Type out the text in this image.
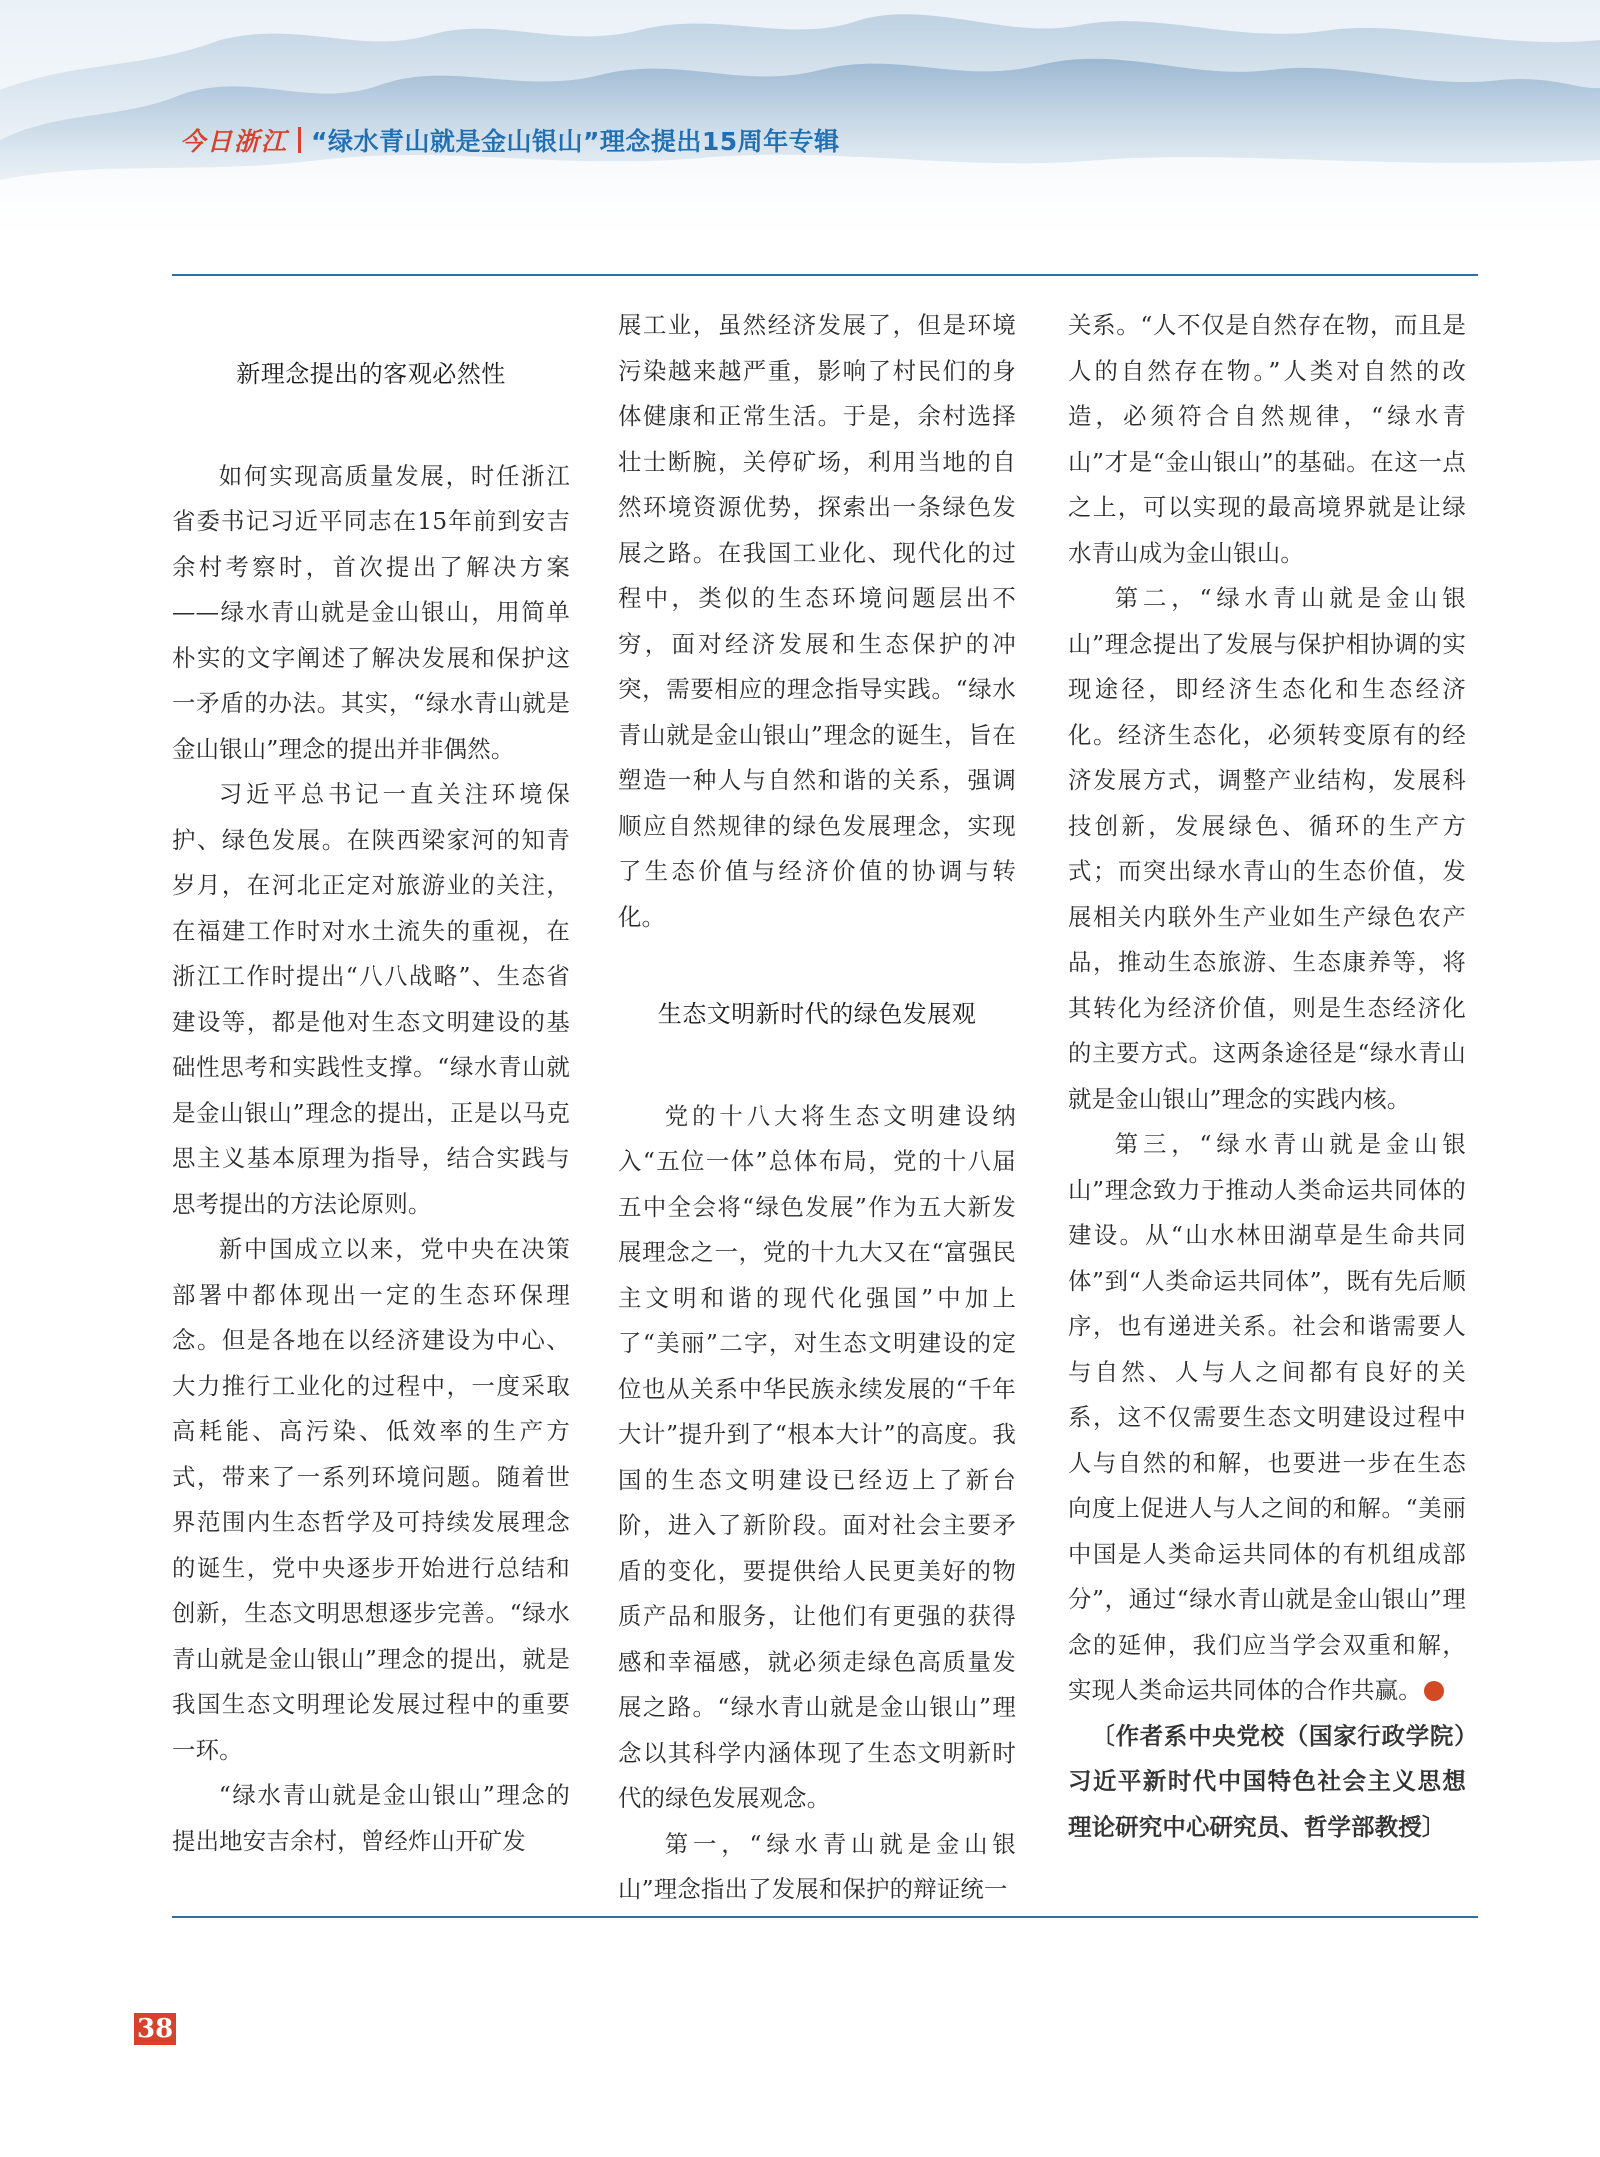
今日浙江 “绿水青山就是金山银山”理念提出15周年专辑
新理念提出的客观必然性

如何实现高质量发展，时任浙江省委书记习近平同志在15年前到安吉余村考察时，首次提出了解决方案——绿水青山就是金山银山，用简单朴实的文字阐述了解决发展和保护这一矛盾的办法。其实，“绿水青山就是金山银山”理念的提出并非偶然。

习近平总书记一直关注环境保护、绿色发展。在陕西梁家河的知青岁月，在河北正定对旅游业的关注，在福建工作时对水土流失的重视，在浙江工作时提出“八八战略”、生态省建设等，都是他对生态文明建设的基础性思考和实践性支撑。“绿水青山就是金山银山”理念的提出，正是以马克思主义基本原理为指导，结合实践与思考提出的方法论原则。

新中国成立以来，党中央在决策部署中都体现出一定的生态环保理念。但是各地在以经济建设为中心、大力推行工业化的过程中，一度采取高耗能、高污染、低效率的生产方式，带来了一系列环境问题。随着世界范围内生态哲学及可持续发展理念的诞生，党中央逐步开始进行总结和创新，生态文明思想逐步完善。“绿水青山就是金山银山”理念的提出，就是我国生态文明理论发展过程中的重要一环。

“绿水青山就是金山银山”理念的提出地安吉余村，曾经炸山开矿发

展工业，虽然经济发展了，但是环境污染越来越严重，影响了村民们的身体健康和正常生活。于是，余村选择壮士断腕，关停矿场，利用当地的自然环境资源优势，探索出一条绿色发展之路。在我国工业化、现代化的过程中，类似的生态环境问题层出不穷，面对经济发展和生态保护的冲突，需要相应的理念指导实践。“绿水青山就是金山银山”理念的诞生，旨在塑造一种人与自然和谐的关系，强调顺应自然规律的绿色发展理念，实现了生态价值与经济价值的协调与转化。

生态文明新时代的绿色发展观

党的十八大将生态文明建设纳入“五位一体”总体布局，党的十八届五中全会将“绿色发展”作为五大新发展理念之一，党的十九大又在“富强民主文明和谐的现代化强国”中加上了“美丽”二字，对生态文明建设的定位也从关系中华民族永续发展的“千年大计”提升到了“根本大计”的高度。我国的生态文明建设已经迈上了新台阶，进入了新阶段。面对社会主要矛盾的变化，要提供给人民更美好的物质产品和服务，让他们有更强的获得感和幸福感，就必须走绿色高质量发展之路。“绿水青山就是金山银山”理念以其科学内涵体现了生态文明新时代的绿色发展观念。

第一，“绿水青山就是金山银山”理念指出了发展和保护的辩证统一

关系。“人不仅是自然存在物，而且是人的自然存在物。”人类对自然的改造，必须符合自然规律，“绿水青山”才是“金山银山”的基础。在这一点之上，可以实现的最高境界就是让绿水青山成为金山银山。

第二，“绿水青山就是金山银山”理念提出了发展与保护相协调的实现途径，即经济生态化和生态经济化。经济生态化，必须转变原有的经济发展方式，调整产业结构，发展科技创新，发展绿色、循环的生产方式；而突出绿水青山的生态价值，发展相关内联外生产业如生产绿色农产品，推动生态旅游、生态康养等，将其转化为经济价值，则是生态经济化的主要方式。这两条途径是“绿水青山就是金山银山”理念的实践内核。

第三，“绿水青山就是金山银山”理念致力于推动人类命运共同体的建设。从“山水林田湖草是生命共同体”到“人类命运共同体”，既有先后顺序，也有递进关系。社会和谐需要人与自然、人与人之间都有良好的关系，这不仅需要生态文明建设过程中人与自然的和解，也要进一步在生态向度上促进人与人之间的和解。“美丽中国是人类命运共同体的有机组成部分”，通过“绿水青山就是金山银山”理念的延伸，我们应当学会双重和解，实现人类命运共同体的合作共赢。

〔作者系中央党校（国家行政学院）习近平新时代中国特色社会主义思想理论研究中心研究员、哲学部教授〕

38
